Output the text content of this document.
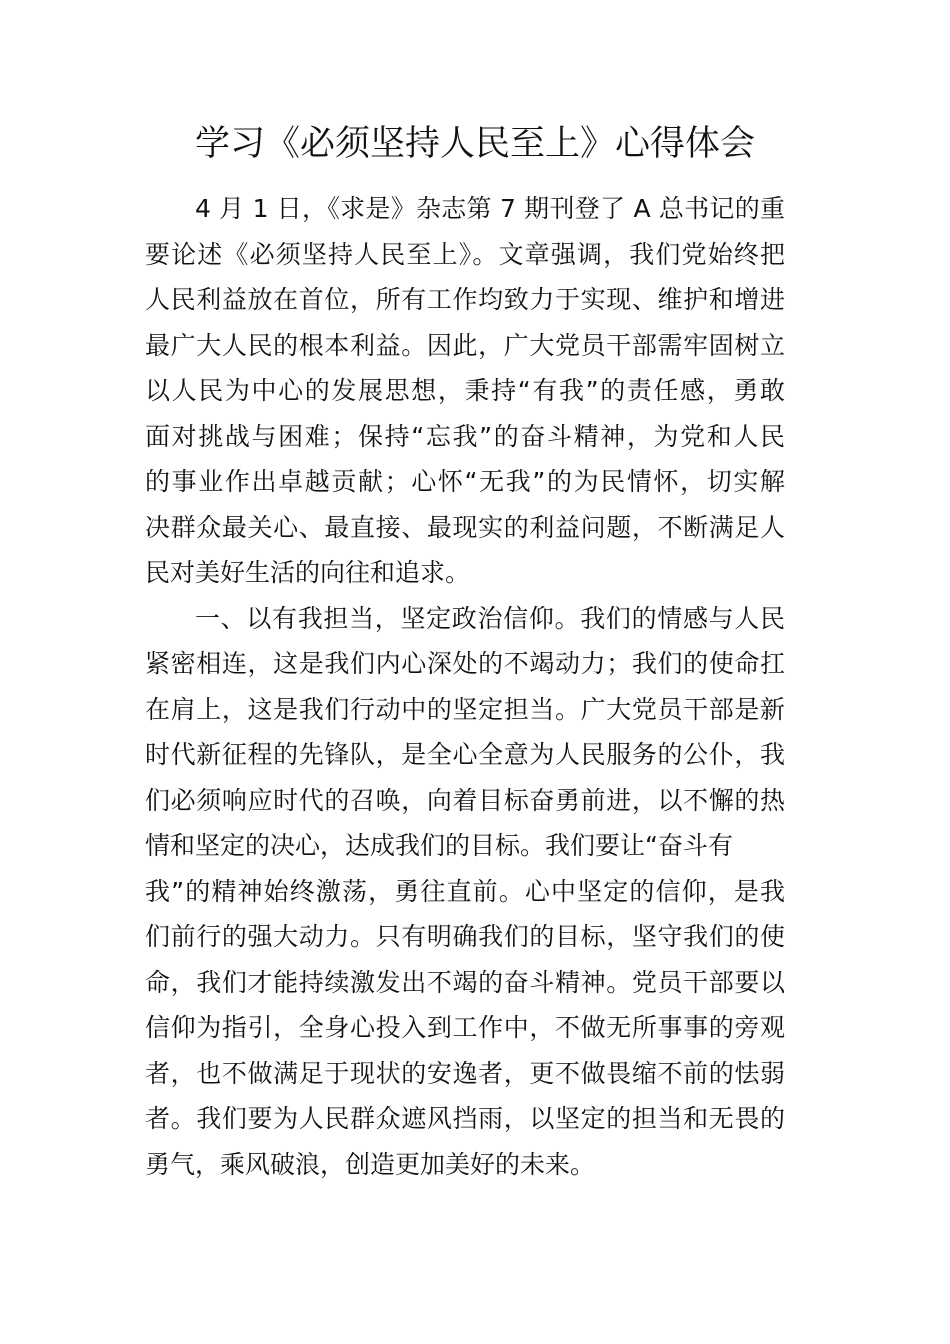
学习《必须坚持人民至上》心得体会
4 月 1 日，《求是》杂志第 7 期刊登了 A 总书记的重
要论述《必须坚持人民至上》。文章强调，我们党始终把
人民利益放在首位，所有工作均致力于实现、维护和增进
最广大人民的根本利益。因此，广大党员干部需牢固树立
以人民为中心的发展思想，秉持“有我”的责任感，勇敢
面对挑战与困难；保持“忘我”的奋斗精神，为党和人民
的事业作出卓越贡献；心怀“无我”的为民情怀，切实解
决群众最关心、最直接、最现实的利益问题，不断满足人
民对美好生活的向往和追求。
一、以有我担当，坚定政治信仰。我们的情感与人民
紧密相连，这是我们内心深处的不竭动力；我们的使命扛
在肩上，这是我们行动中的坚定担当。广大党员干部是新
时代新征程的先锋队，是全心全意为人民服务的公仆，我
们必须响应时代的召唤，向着目标奋勇前进，以不懈的热
情和坚定的决心，达成我们的目标。我们要让“奋斗有
我”的精神始终激荡，勇往直前。心中坚定的信仰，是我
们前行的强大动力。只有明确我们的目标，坚守我们的使
命，我们才能持续激发出不竭的奋斗精神。党员干部要以
信仰为指引，全身心投入到工作中，不做无所事事的旁观
者，也不做满足于现状的安逸者，更不做畏缩不前的怯弱
者。我们要为人民群众遮风挡雨，以坚定的担当和无畏的
勇气，乘风破浪，创造更加美好的未来。
